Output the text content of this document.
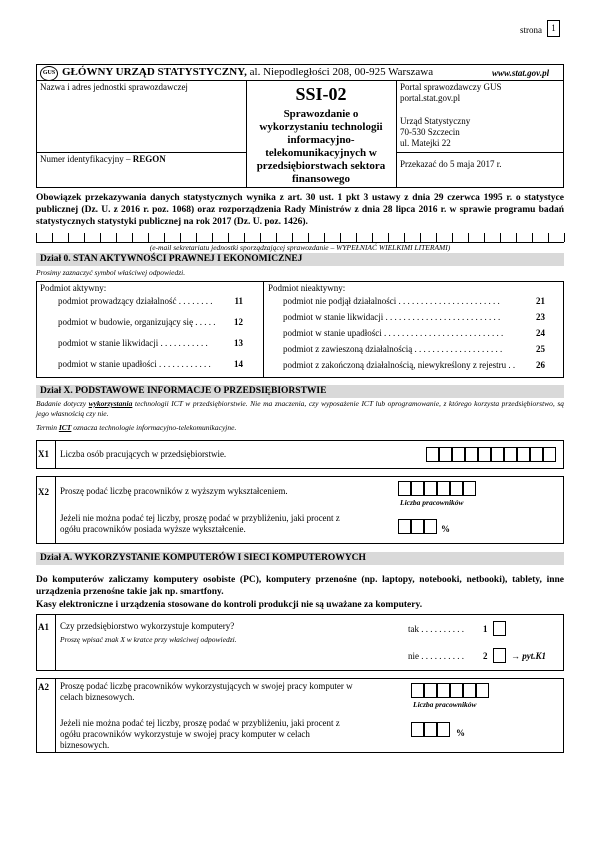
strona	1
GUS GŁÓWNY URZĄD STATYSTYCZNY, al. Niepodległości 208, 00-925 Warszawa	www.stat.gov.pl
Nazwa i adres jednostki sprawozdawczej
Numer identyfikacyjny – REGON
SSI-02
Sprawozdanie o wykorzystaniu technologii informacyjno-telekomunikacyjnych w przedsiębiorstwach sektora finansowego
Portal sprawozdawczy GUS
portal.stat.gov.pl
Urząd Statystyczny
70-530 Szczecin
ul. Matejki 22
Przekazać do 5 maja 2017 r.
Obowiązek przekazywania danych statystycznych wynika z art. 30 ust. 1 pkt 3 ustawy z dnia 29 czerwca 1995 r. o statystyce publicznej (Dz. U. z 2016 r. poz. 1068) oraz rozporządzenia Rady Ministrów z dnia 28 lipca 2016 r. w sprawie programu badań statystycznych statystyki publicznej na rok 2017 (Dz. U. poz. 1426).
(e-mail sekretariatu jednostki sporządzającej sprawozdanie – WYPEŁNIAĆ WIELKIMI LITERAMI)
Dział 0. STAN AKTYWNOŚCI PRAWNEJ I EKONOMICZNEJ
Prosimy zaznaczyć symbol właściwej odpowiedzi.
Podmiot aktywny:	Podmiot nieaktywny:
podmiot prowadzący działalność . . . . . . . .	11
podmiot w budowie, organizujący się . . . . .	12
podmiot w stanie likwidacji . . . . . . . . . . .	13
podmiot w stanie upadłości . . . . . . . . . . . .	14
podmiot nie podjął działalności . . . . . . . . . . . . . . . . . . . . . . .	21
podmiot w stanie likwidacji . . . . . . . . . . . . . . . . . . . . . . . . . .	23
podmiot w stanie upadłości . . . . . . . . . . . . . . . . . . . . . . . . . . .	24
podmiot z zawieszoną działalnością . . . . . . . . . . . . . . . . . . . .	25
podmiot z zakończoną działalnością, niewykreślony z rejestru . .	26
Dział X. PODSTAWOWE INFORMACJE O PRZEDSIĘBIORSTWIE
Badanie dotyczy wykorzystania technologii ICT w przedsiębiorstwie. Nie ma znaczenia, czy wyposażenie ICT lub oprogramowanie, z którego korzysta przedsiębiorstwo, są jego własnością czy nie.
Termin ICT oznacza technologie informacyjno-telekomunikacyjne.
X1 Liczba osób pracujących w przedsiębiorstwie.
X2 Proszę podać liczbę pracowników z wyższym wykształceniem.
Liczba pracowników
Jeżeli nie można podać tej liczby, proszę podać w przybliżeniu, jaki procent z ogółu pracowników posiada wyższe wykształcenie.	%
Dział A. WYKORZYSTANIE KOMPUTERÓW I SIECI KOMPUTEROWYCH
Do komputerów zaliczamy komputery osobiste (PC), komputery przenośne (np. laptopy, notebooki, netbooki), tablety, inne urządzenia przenośne takie jak np. smartfony.
Kasy elektroniczne i urządzenia stosowane do kontroli produkcji nie są uważane za komputery.
A1 Czy przedsiębiorstwo wykorzystuje komputery?
Proszę wpisać znak X w kratce przy właściwej odpowiedzi.
tak . . . . . . . . . . 1
nie . . . . . . . . . . 2	→ pyt.K1
A2 Proszę podać liczbę pracowników wykorzystujących w swojej pracy komputer w celach biznesowych.
Liczba pracowników
Jeżeli nie można podać tej liczby, proszę podać w przybliżeniu, jaki procent z ogółu pracowników wykorzystuje w swojej pracy komputer w celach biznesowych.
%
